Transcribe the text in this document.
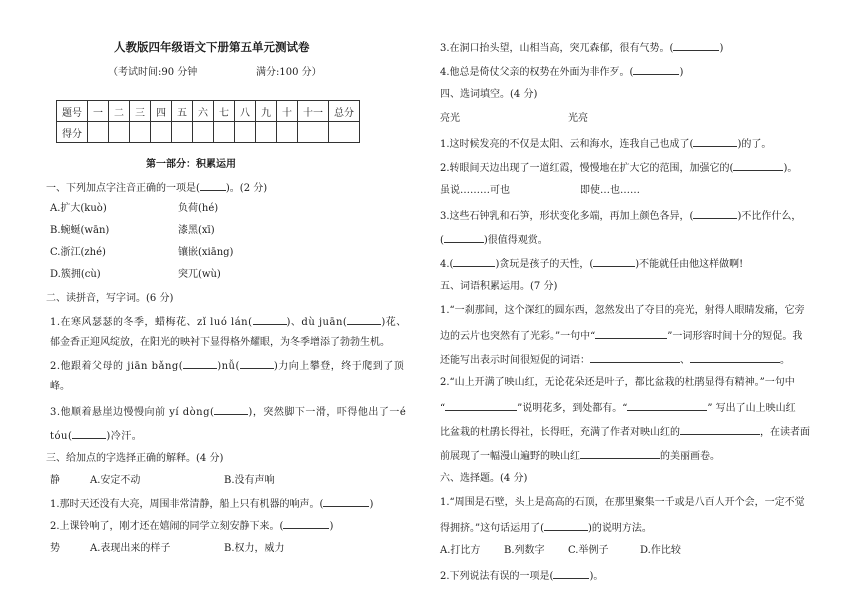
人教版四年级语文下册第五单元测试卷
（考试时间:90 分钟	满分:100 分）
题号	一	二	三	四	五	六	七	八	九	十	十一	总分
得分												
第一部分：积累运用
一、下列加点字注音正确的一项是(	)。(2 分)
A.扩大(kuò)	负荷(hé)
B.蜿蜒(wān)	漆黑(xī)
C.浙江(zhé)	镶嵌(xiāng)
D.簇拥(cù)	突兀(wù)
二、读拼音，写字词。(6 分)
1.在寒风瑟瑟的冬季，蜡梅花、zǐ luó lán(	)、dù juān(	)花、
郁金香正迎风绽放，在阳光的映衬下显得格外耀眼，为冬季增添了勃勃生机。
2.他跟着父母的 jiān bǎng(	)nǚ(	)力向上攀登，终于爬到了顶
峰。
3.他顺着悬崖边慢慢向前 yí dòng(	)，突然脚下一滑，吓得他出了一é
tóu(	)冷汗。
三、给加点的字选择正确的解释。(4 分)
静	A.安定不动	B.没有声响
1.那时天还没有大亮，周围非常清静，船上只有机器的响声。(	)
2.上课铃响了，刚才还在嬉闹的同学立刻安静下来。(	)
势	A.表现出来的样子	B.权力，威力
3.在洞口抬头望，山相当高，突兀森郁，很有气势。(	)
4.他总是倚仗父亲的权势在外面为非作歹。(	)
四、选词填空。(4 分)
亮光	光亮
1.这时候发亮的不仅是太阳、云和海水，连我自己也成了(	)的了。
2.转眼间天边出现了一道红霞，慢慢地在扩大它的范围，加强它的(	)。
虽说………可也	即使…也……
3.这些石钟乳和石笋，形状变化多端，再加上颜色各异，(	)不比作什么，
(	)很值得观赏。
4.(	)贪玩是孩子的天性，(	)不能就任由他这样做啊!
五、词语积累运用。(7 分)
1.“一刹那间，这个深红的圆东西，忽然发出了夺目的亮光，射得人眼睛发痛，它旁
边的云片也突然有了光彩。”一句中“	”一词形容时间十分的短促。我
还能写出表示时间很短促的词语：	、	。
2.“山上开满了映山红，无论花朵还是叶子，都比盆栽的杜鹃显得有精神。”一句中
“	”说明花多，到处都有。“	” 写出了山上映山红
比盆栽的杜鹃长得社，长得旺，充满了作者对映山红的	，在读者面
前展现了一幅漫山遍野的映山红	的美丽画卷。
六、选择题。(4 分)
1.“周围是石壁，头上是高高的石顶，在那里聚集一千或是八百人开个会，一定不觉
得拥挤。”这句话运用了(	)的说明方法。
A.打比方 B.列数字 C.举例子	D.作比较
2.下列说法有误的一项是(	)。
